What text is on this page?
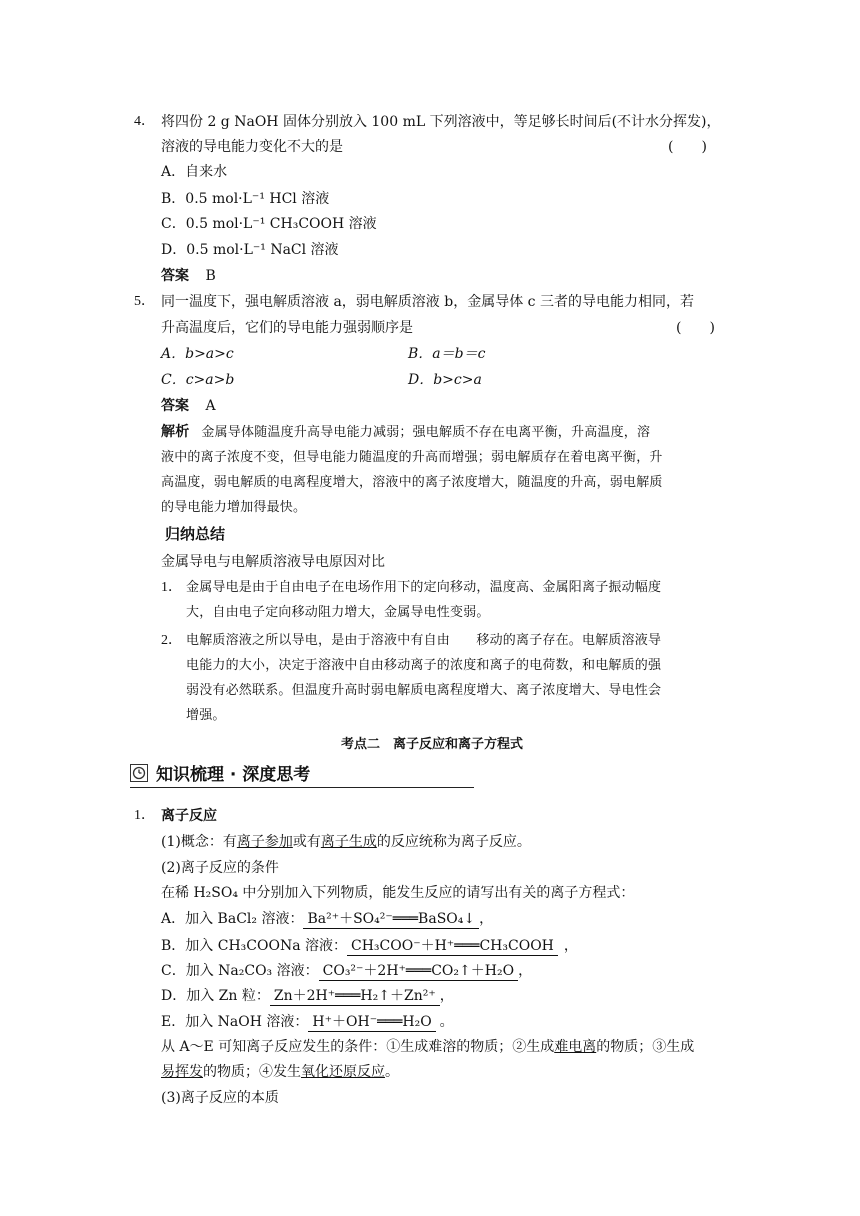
4． 将四份 2 g NaOH 固体分别放入 100 mL 下列溶液中，等足够长时间后(不计水分挥发)，
溶液的导电能力变化不大的是	(　　)
A．自来水
B．0.5 mol·L⁻¹ HCl 溶液
C．0.5 mol·L⁻¹ CH₃COOH 溶液
D．0.5 mol·L⁻¹ NaCl 溶液
答案 B
5． 同一温度下，强电解质溶液 a，弱电解质溶液 b，金属导体 c 三者的导电能力相同，若
升高温度后，它们的导电能力强弱顺序是	(　　)
A．b>a>c	B．a＝b＝c
C．c>a>b	D．b>c>a
答案 A
解析 金属导体随温度升高导电能力减弱；强电解质不存在电离平衡，升高温度，溶
液中的离子浓度不变，但导电能力随温度的升高而增强；弱电解质存在着电离平衡，升
高温度，弱电解质的电离程度增大，溶液中的离子浓度增大，随温度的升高，弱电解质
的导电能力增加得最快。
归纳总结
金属导电与电解质溶液导电原因对比
1． 金属导电是由于自由电子在电场作用下的定向移动，温度高、金属阳离子振动幅度
大，自由电子定向移动阻力增大，金属导电性变弱。
2． 电解质溶液之所以导电，是由于溶液中有自由　　移动的离子存在。电解质溶液导
电能力的大小，决定于溶液中自由移动离子的浓度和离子的电荷数，和电解质的强
弱没有必然联系。但温度升高时弱电解质电离程度增大、离子浓度增大、导电性会
增强。
考点二　离子反应和离子方程式
知识梳理 · 深度思考
1． 离子反应
(1)概念：有离子参加或有离子生成的反应统称为离子反应。
(2)离子反应的条件
在稀 H₂SO₄ 中分别加入下列物质，能发生反应的请写出有关的离子方程式：
A．加入 BaCl₂ 溶液： Ba²⁺＋SO₄²⁻═══BaSO₄↓ ，
B．加入 CH₃COONa 溶液： CH₃COO⁻＋H⁺═══CH₃COOH ，
C．加入 Na₂CO₃ 溶液： CO₃²⁻＋2H⁺═══CO₂↑＋H₂O ，
D．加入 Zn 粒： Zn＋2H⁺═══H₂↑＋Zn²⁺ ，
E．加入 NaOH 溶液： H⁺＋OH⁻═══H₂O 。
从 A～E 可知离子反应发生的条件：①生成难溶的物质；②生成难电离的物质；③生成
易挥发的物质；④发生氧化还原反应。
(3)离子反应的本质
